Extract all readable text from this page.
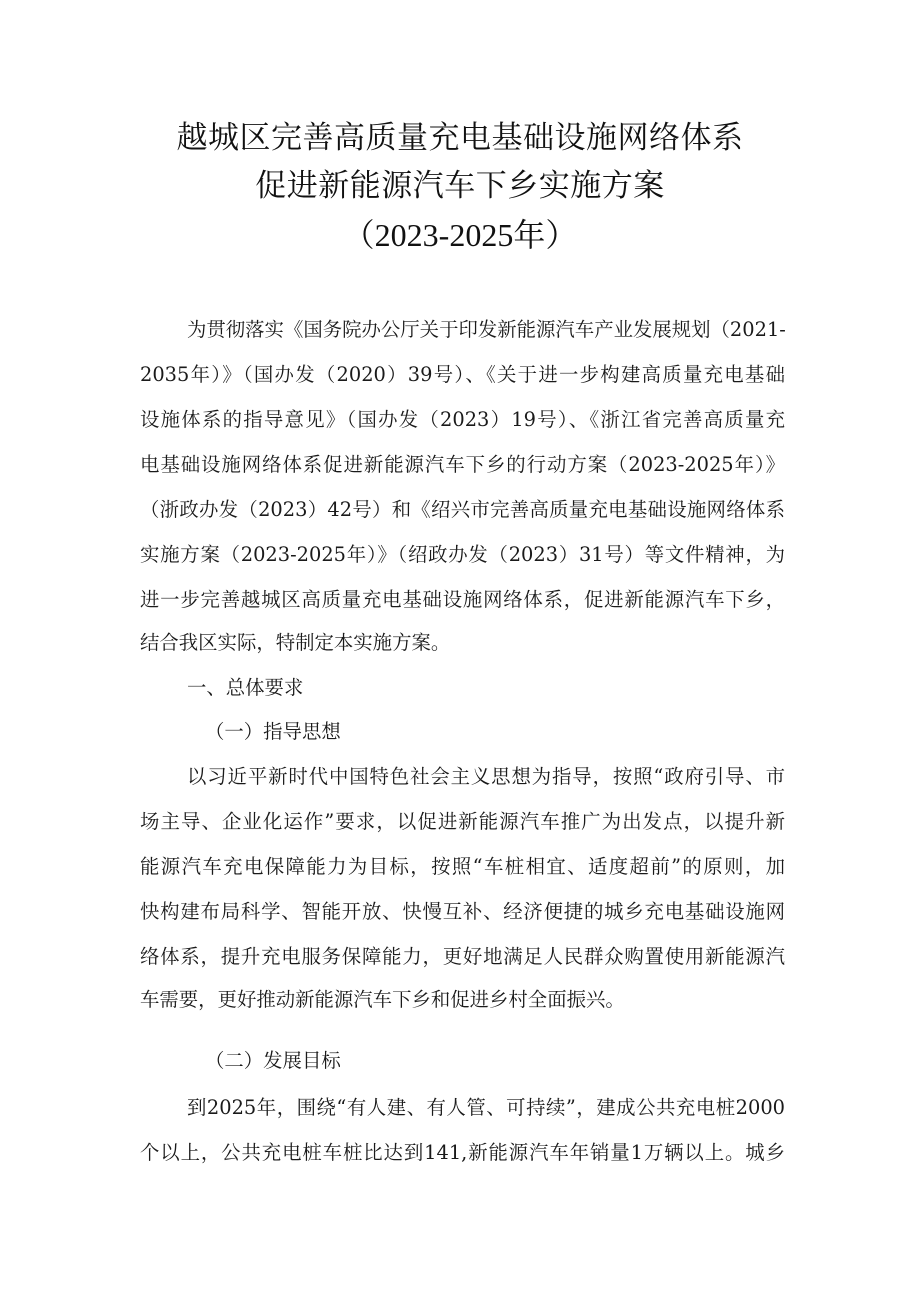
越城区完善高质量充电基础设施网络体系
促进新能源汽车下乡实施方案
（2023-2025年）
为贯彻落实《国务院办公厅关于印发新能源汽车产业发展规划（2021-
2035年）》（国办发（2020）39号）、《关于进一步构建高质量充电基础
设施体系的指导意见》（国办发（2023）19号）、《浙江省完善高质量充
电基础设施网络体系促进新能源汽车下乡的行动方案（2023-2025年）》
（浙政办发（2023）42号）和《绍兴市完善高质量充电基础设施网络体系
实施方案（2023-2025年）》（绍政办发（2023）31号）等文件精神，为
进一步完善越城区高质量充电基础设施网络体系，促进新能源汽车下乡，
结合我区实际，特制定本实施方案。
一、总体要求
（一）指导思想
以习近平新时代中国特色社会主义思想为指导，按照“政府引导、市
场主导、企业化运作”要求，以促进新能源汽车推广为出发点，以提升新
能源汽车充电保障能力为目标，按照“车桩相宜、适度超前”的原则，加
快构建布局科学、智能开放、快慢互补、经济便捷的城乡充电基础设施网
络体系，提升充电服务保障能力，更好地满足人民群众购置使用新能源汽
车需要，更好推动新能源汽车下乡和促进乡村全面振兴。
（二）发展目标
到2025年，围绕“有人建、有人管、可持续”，建成公共充电桩2000
个以上，公共充电桩车桩比达到141,新能源汽车年销量1万辆以上。城乡
